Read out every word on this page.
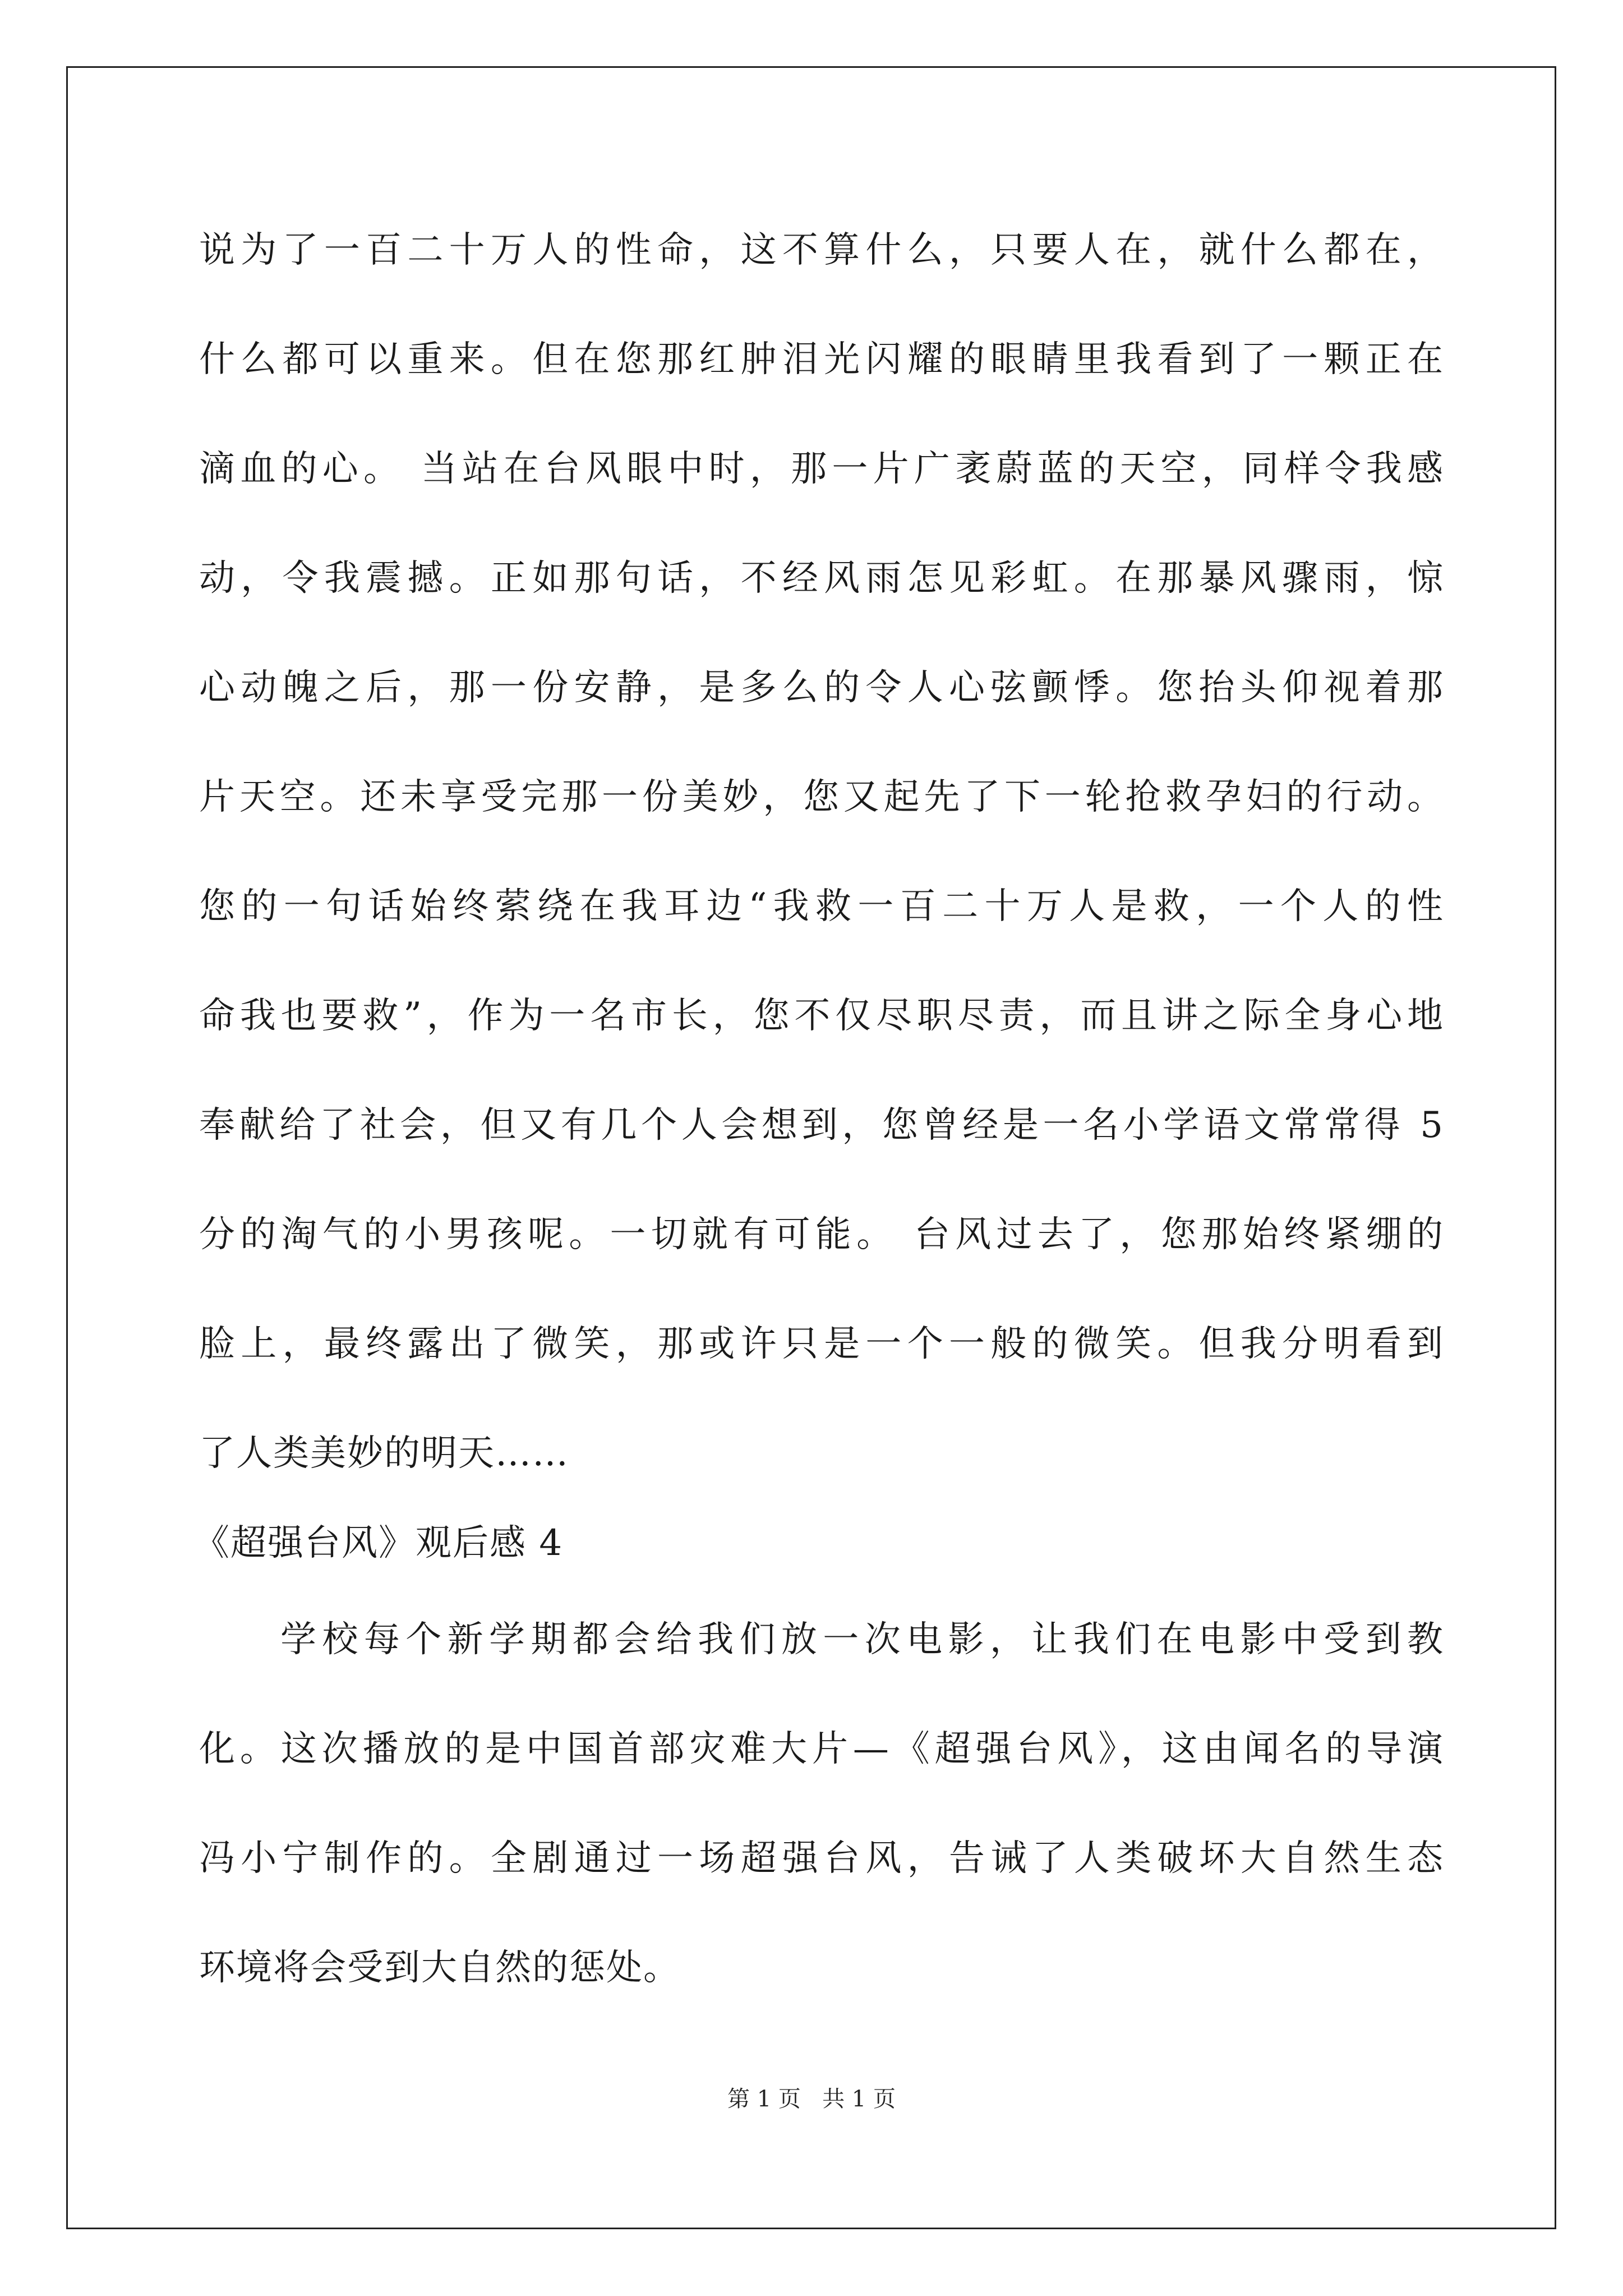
说为了一百二十万人的性命，这不算什么，只要人在，就什么都在，
什么都可以重来。但在您那红肿泪光闪耀的眼睛里我看到了一颗正在
滴血的心。 当站在台风眼中时，那一片广袤蔚蓝的天空，同样令我感
动，令我震撼。正如那句话，不经风雨怎见彩虹。在那暴风骤雨，惊
心动魄之后，那一份安静，是多么的令人心弦颤悸。您抬头仰视着那
片天空。还未享受完那一份美妙，您又起先了下一轮抢救孕妇的行动。
您的一句话始终萦绕在我耳边“我救一百二十万人是救，一个人的性
命我也要救”，作为一名市长，您不仅尽职尽责，而且讲之际全身心地
奉献给了社会，但又有几个人会想到，您曾经是一名小学语文常常得 5
分的淘气的小男孩呢。一切就有可能。 台风过去了，您那始终紧绷的
脸上，最终露出了微笑，那或许只是一个一般的微笑。但我分明看到
了人类美妙的明天……
《超强台风》观后感 4
学校每个新学期都会给我们放一次电影，让我们在电影中受到教
化。这次播放的是中国首部灾难大片—《超强台风》，这由闻名的导演
冯小宁制作的。全剧通过一场超强台风，告诫了人类破坏大自然生态
环境将会受到大自然的惩处。
第 1 页   共 1 页
